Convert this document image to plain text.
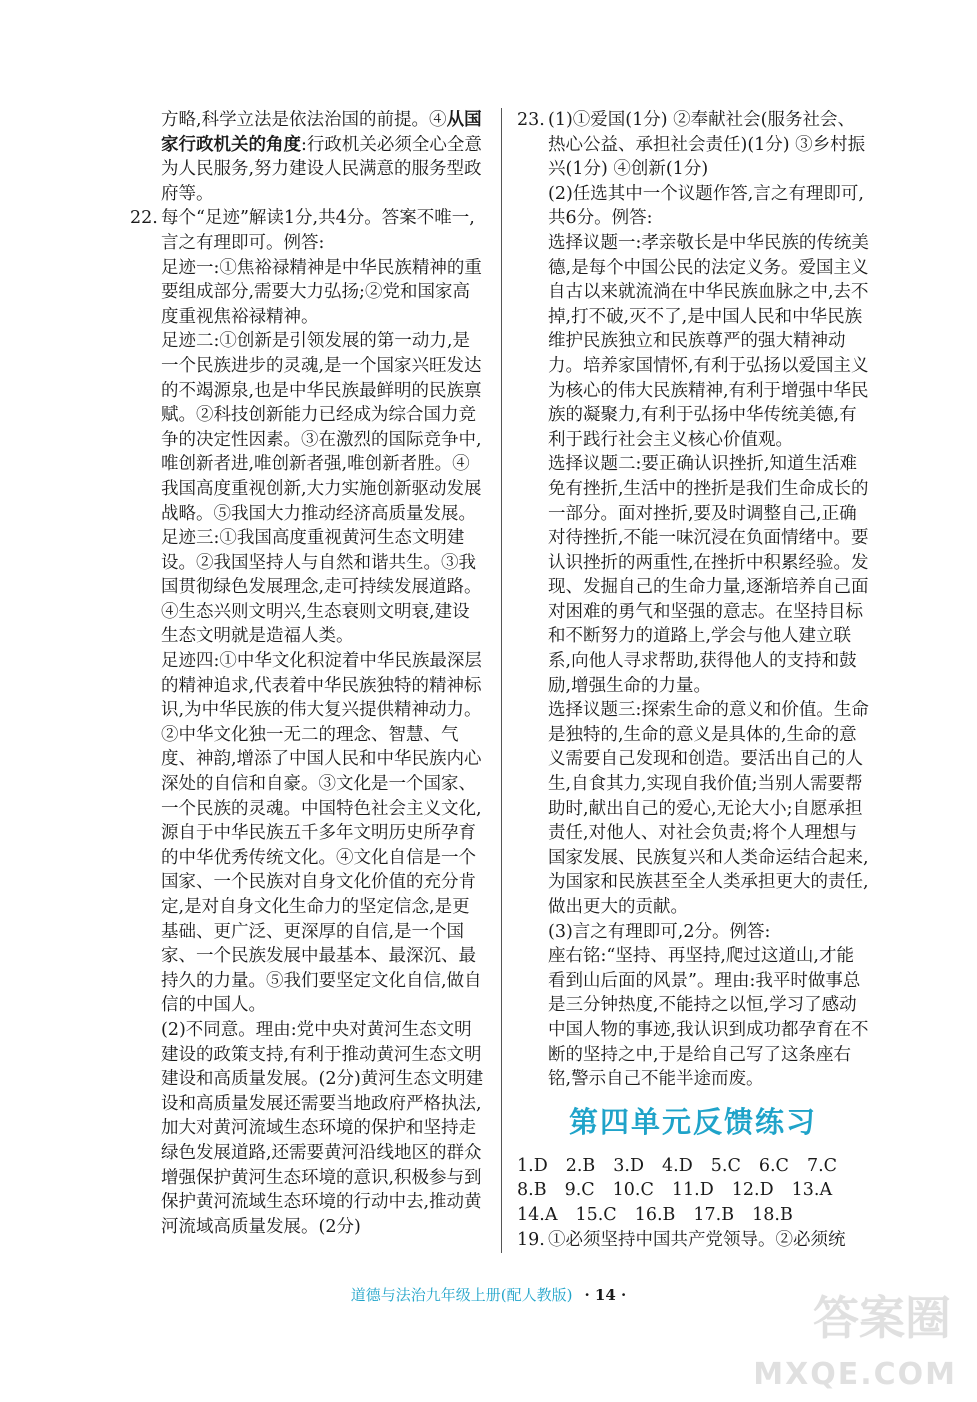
方略,科学立法是依法治国的前提。④从国家行政机关的角度:行政机关必须全心全意为人民服务,努力建设人民满意的服务型政府等。

22. 每个“足迹”解读1分,共4分。答案不唯一,言之有理即可。例答:

足迹一:①焦裕禄精神是中华民族精神的重要组成部分,需要大力弘扬;②党和国家高度重视焦裕禄精神。

足迹二:①创新是引领发展的第一动力,是一个民族进步的灵魂,是一个国家兴旺发达的不竭源泉,也是中华民族最鲜明的民族禀赋。②科技创新能力已经成为综合国力竞争的决定性因素。③在激烈的国际竞争中,唯创新者进,唯创新者强,唯创新者胜。④我国高度重视创新,大力实施创新驱动发展战略。⑤我国大力推动经济高质量发展。

足迹三:①我国高度重视黄河生态文明建设。②我国坚持人与自然和谐共生。③我国贯彻绿色发展理念,走可持续发展道路。④生态兴则文明兴,生态衰则文明衰,建设生态文明就是造福人类。

足迹四:①中华文化积淀着中华民族最深层的精神追求,代表着中华民族独特的精神标识,为中华民族的伟大复兴提供精神动力。②中华文化独一无二的理念、智慧、气度、神韵,增添了中国人民和中华民族内心深处的自信和自豪。③文化是一个国家、一个民族的灵魂。中国特色社会主义文化,源自于中华民族五千多年文明历史所孕育的中华优秀传统文化。④文化自信是一个国家、一个民族对自身文化价值的充分肯定,是对自身文化生命力的坚定信念,是更基础、更广泛、更深厚的自信,是一个国家、一个民族发展中最基本、最深沉、最持久的力量。⑤我们要坚定文化自信,做自信的中国人。

(2)不同意。理由:党中央对黄河生态文明建设的政策支持,有利于推动黄河生态文明建设和高质量发展。(2分)黄河生态文明建设和高质量发展还需要当地政府严格执法,加大对黄河流域生态环境的保护和坚持走绿色发展道路,还需要黄河沿线地区的群众增强保护黄河生态环境的意识,积极参与到保护黄河流域生态环境的行动中去,推动黄河流域高质量发展。(2分)

23. (1)①爱国(1分) ②奉献社会(服务社会、热心公益、承担社会责任)(1分) ③乡村振兴(1分) ④创新(1分)

(2)任选其中一个议题作答,言之有理即可,共6分。例答:

选择议题一:孝亲敬长是中华民族的传统美德,是每个中国公民的法定义务。爱国主义自古以来就流淌在中华民族血脉之中,去不掉,打不破,灭不了,是中国人民和中华民族维护民族独立和民族尊严的强大精神动力。培养家国情怀,有利于弘扬以爱国主义为核心的伟大民族精神,有利于增强中华民族的凝聚力,有利于弘扬中华传统美德,有利于践行社会主义核心价值观。

选择议题二:要正确认识挫折,知道生活难免有挫折,生活中的挫折是我们生命成长的一部分。面对挫折,要及时调整自己,正确对待挫折,不能一味沉浸在负面情绪中。要认识挫折的两重性,在挫折中积累经验。发现、发掘自己的生命力量,逐渐培养自己面对困难的勇气和坚强的意志。在坚持目标和不断努力的道路上,学会与他人建立联系,向他人寻求帮助,获得他人的支持和鼓励,增强生命的力量。

选择议题三:探索生命的意义和价值。生命是独特的,生命的意义是具体的,生命的意义需要自己发现和创造。要活出自己的人生,自食其力,实现自我价值;当别人需要帮助时,献出自己的爱心,无论大小;自愿承担责任,对他人、对社会负责;将个人理想与国家发展、民族复兴和人类命运结合起来,为国家和民族甚至全人类承担更大的责任,做出更大的贡献。

(3)言之有理即可,2分。例答:

座右铭:“坚持、再坚持,爬过这道山,才能看到山后面的风景”。理由:我平时做事总是三分钟热度,不能持之以恒,学习了感动中国人物的事迹,我认识到成功都孕育在不断的坚持之中,于是给自己写了这条座右铭,警示自己不能半途而废。

第四单元反馈练习
1.D 2.B 3.D 4.D 5.C 6.C 7.C
8.B 9.C 10.C 11.D 12.D 13.A
14.A 15.C 16.B 17.B 18.B
19. ①必须坚持中国共产党领导。②必须统

道德与法治九年级上册(配人教版) · 14 ·	答案圈
MXQE.COM
